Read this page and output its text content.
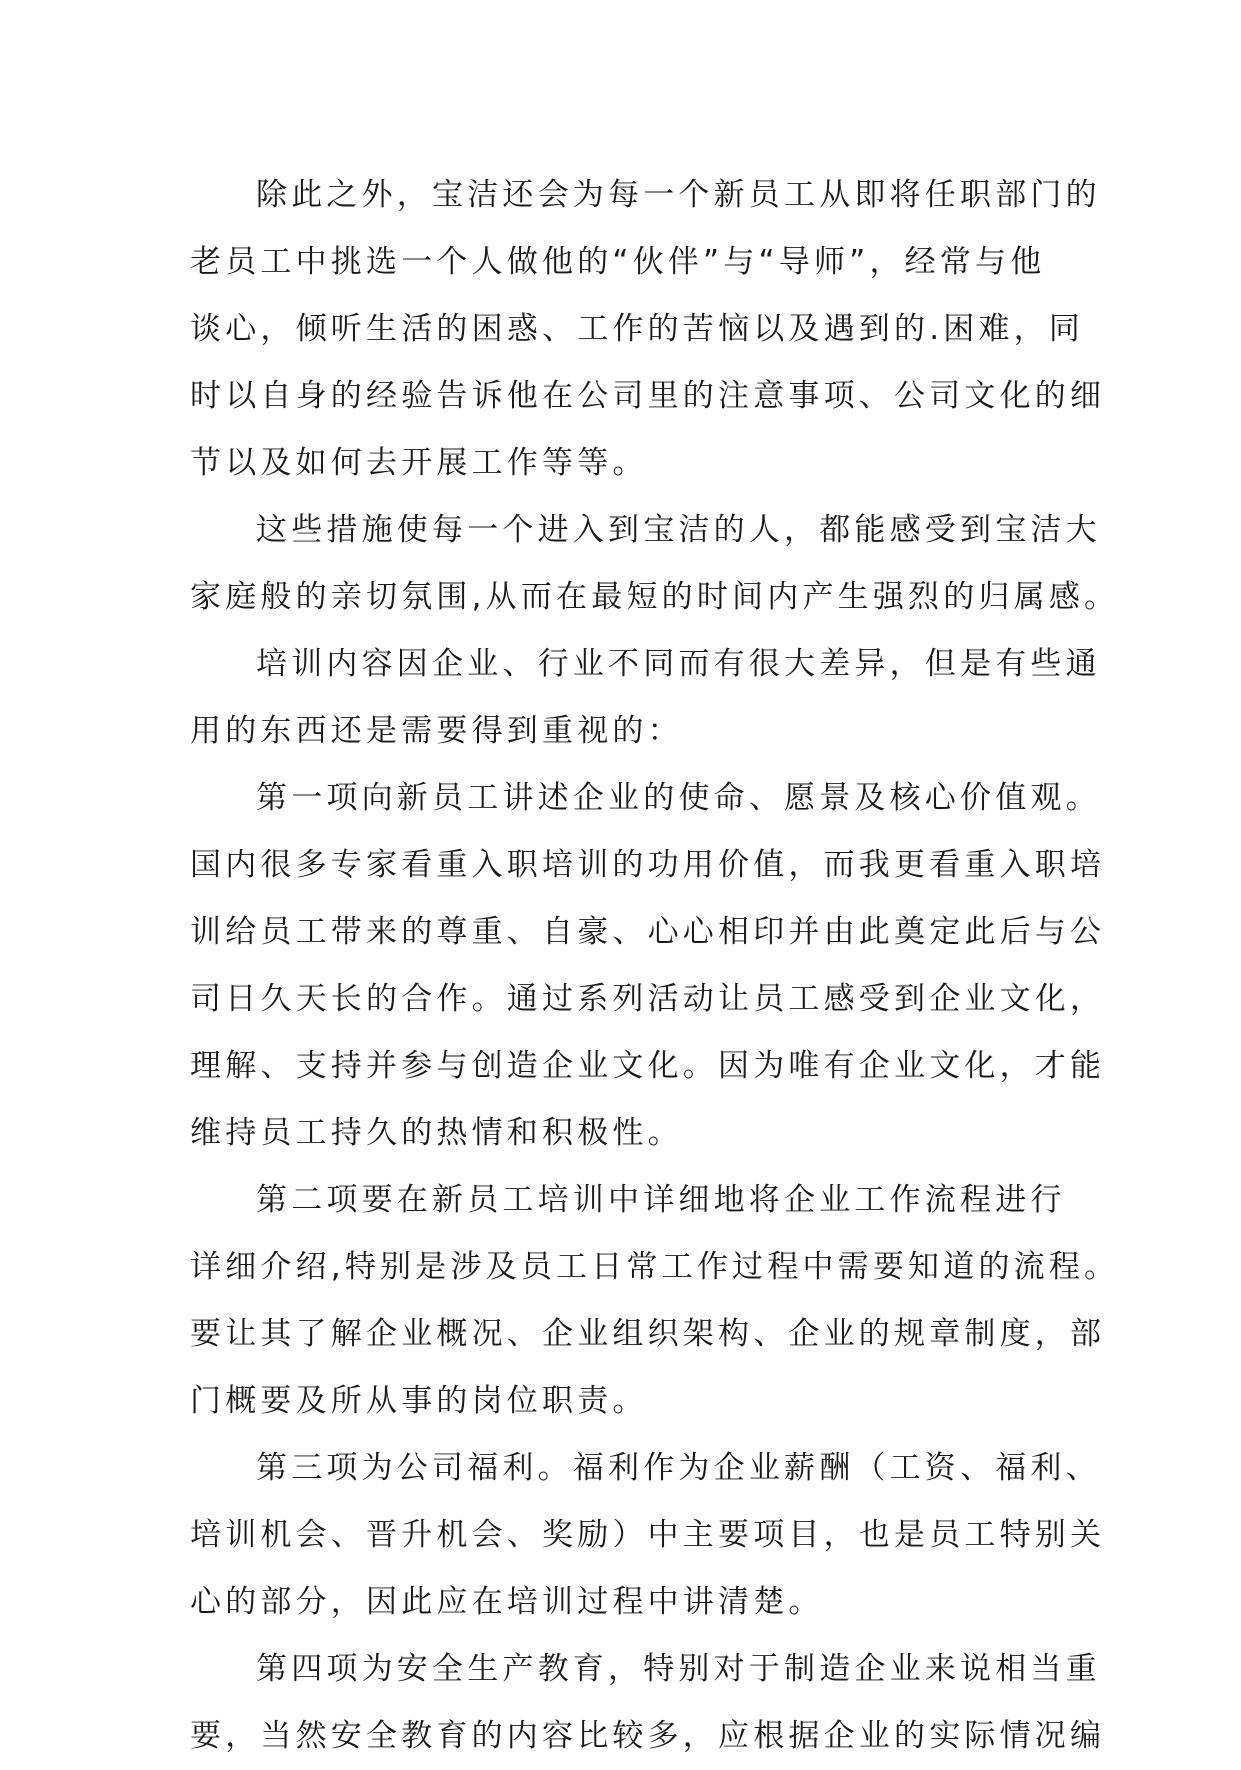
除此之外，宝洁还会为每一个新员工从即将任职部门的
老员工中挑选一个人做他的“伙伴”与“导师”，经常与他
谈心，倾听生活的困惑、工作的苦恼以及遇到的.困难，同
时以自身的经验告诉他在公司里的注意事项、公司文化的细
节以及如何去开展工作等等。
这些措施使每一个进入到宝洁的人，都能感受到宝洁大
家庭般的亲切氛围,从而在最短的时间内产生强烈的归属感。
培训内容因企业、行业不同而有很大差异，但是有些通
用的东西还是需要得到重视的：
第一项向新员工讲述企业的使命、愿景及核心价值观。
国内很多专家看重入职培训的功用价值，而我更看重入职培
训给员工带来的尊重、自豪、心心相印并由此奠定此后与公
司日久天长的合作。通过系列活动让员工感受到企业文化，
理解、支持并参与创造企业文化。因为唯有企业文化，才能
维持员工持久的热情和积极性。
第二项要在新员工培训中详细地将企业工作流程进行
详细介绍,特别是涉及员工日常工作过程中需要知道的流程。
要让其了解企业概况、企业组织架构、企业的规章制度，部
门概要及所从事的岗位职责。
第三项为公司福利。福利作为企业薪酬（工资、福利、
培训机会、晋升机会、奖励）中主要项目，也是员工特别关
心的部分，因此应在培训过程中讲清楚。
第四项为安全生产教育，特别对于制造企业来说相当重
要，当然安全教育的内容比较多，应根据企业的实际情况编
